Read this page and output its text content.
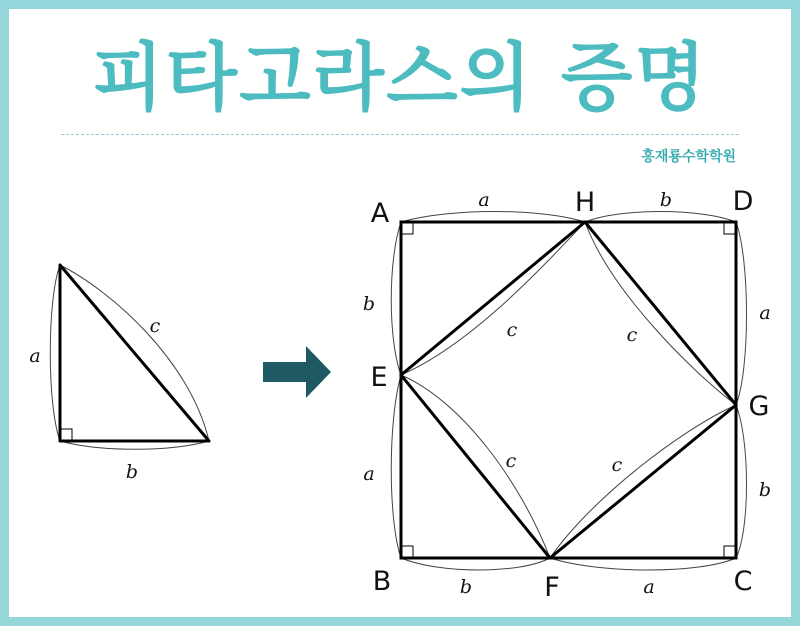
피타고라스의 증명
홍재룡수학학원
a
b
c
A	H	D
E
G
B	F	C
a	b
b
a
a
b
b	a
c	c
c	c
